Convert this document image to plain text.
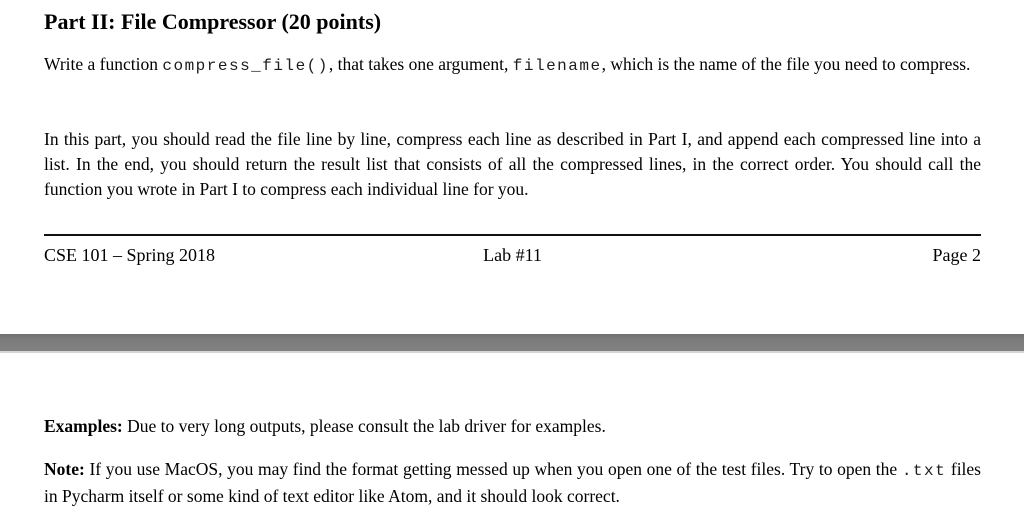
Part II: File Compressor (20 points)

Write a function compress_file(), that takes one argument, filename, which is the name of the file you need to compress.

In this part, you should read the file line by line, compress each line as described in Part I, and append each compressed line into a list. In the end, you should return the result list that consists of all the compressed lines, in the correct order. You should call the function you wrote in Part I to compress each individual line for you.

CSE 101 – Spring 2018	Lab #11	Page 2

Examples: Due to very long outputs, please consult the lab driver for examples.

Note: If you use MacOS, you may find the format getting messed up when you open one of the test files. Try to open the .txt files in Pycharm itself or some kind of text editor like Atom, and it should look correct.
